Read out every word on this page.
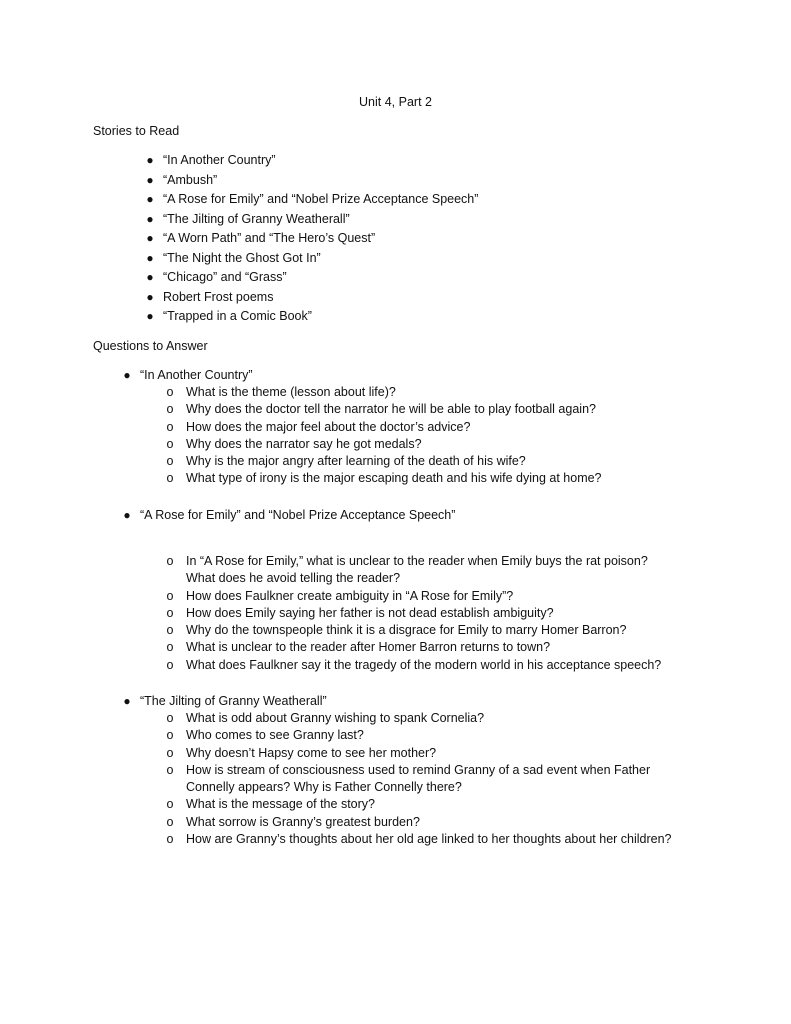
Unit 4, Part 2
Stories to Read
● “In Another Country”
● “Ambush”
● “A Rose for Emily” and “Nobel Prize Acceptance Speech”
● “The Jilting of Granny Weatherall”
● “A Worn Path” and “The Hero’s Quest”
● “The Night the Ghost Got In”
● “Chicago” and “Grass”
● Robert Frost poems
● “Trapped in a Comic Book”
Questions to Answer
● “In Another Country”
o What is the theme (lesson about life)?
o Why does the doctor tell the narrator he will be able to play football again?
o How does the major feel about the doctor’s advice?
o Why does the narrator say he got medals?
o Why is the major angry after learning of the death of his wife?
o What type of irony is the major escaping death and his wife dying at home?
● “A Rose for Emily” and “Nobel Prize Acceptance Speech”
o In “A Rose for Emily,” what is unclear to the reader when Emily buys the rat poison?
What does he avoid telling the reader?
o How does Faulkner create ambiguity in “A Rose for Emily”?
o How does Emily saying her father is not dead establish ambiguity?
o Why do the townspeople think it is a disgrace for Emily to marry Homer Barron?
o What is unclear to the reader after Homer Barron returns to town?
o What does Faulkner say it the tragedy of the modern world in his acceptance speech?
● “The Jilting of Granny Weatherall”
o What is odd about Granny wishing to spank Cornelia?
o Who comes to see Granny last?
o Why doesn’t Hapsy come to see her mother?
o How is stream of consciousness used to remind Granny of a sad event when Father
Connelly appears? Why is Father Connelly there?
o What is the message of the story?
o What sorrow is Granny’s greatest burden?
o How are Granny’s thoughts about her old age linked to her thoughts about her children?
